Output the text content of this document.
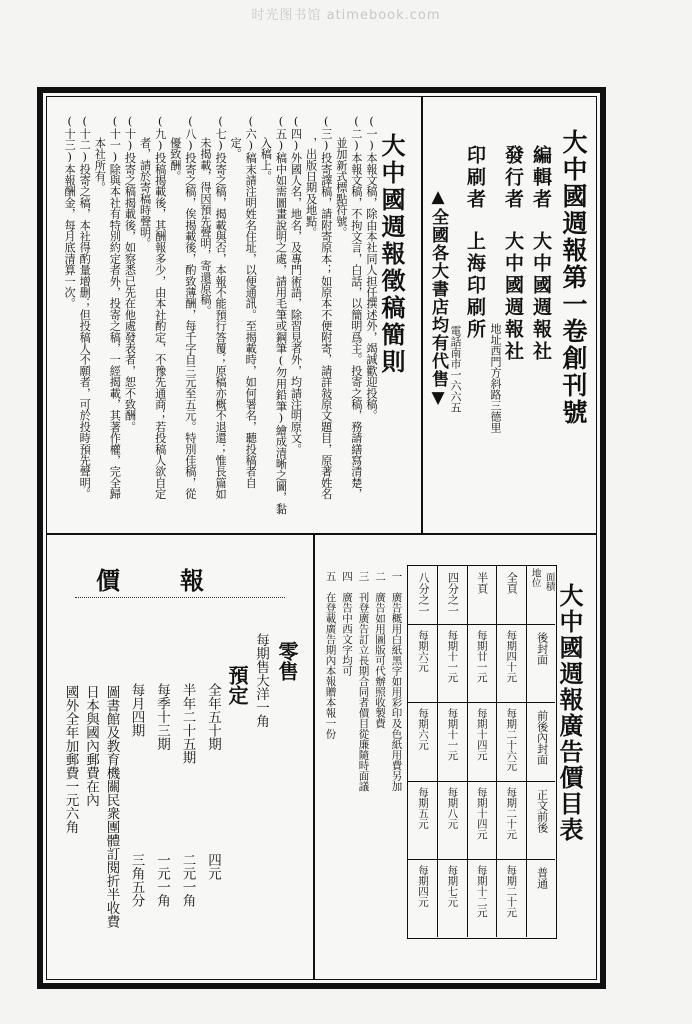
时光图书馆 atimebook.com
大中國週報第一卷創刊號
編輯者
大中國週報社
發行者
大中國週報社
地址西門方斜路三德里
印刷者
上海印刷所
電話南市一六六五
▲全國各大書店均有代售▼
大中國週報徵稿簡則
(一)本報文稿，除由本社同人担任撰述外，竭誠歡迎投稿。
(二)本報文稿，不拘文言，白話，以簡明爲主。投寄之稿，務請繕寫清楚，
並加新式標點符號。
(三)投寄譯稿，請附寄原本；如原本不便附寄，請詳敍原文題目，原著姓名
，出版日期及地點。
(四)外國人名，地名，及專門術語，除習見者外，均請注明原文。
(五)稿中如需圖畫說明之處，請用毛筆或鋼筆(勿用鉛筆)繪成清晰之圖，黏
入稿上。
(六)稿末請注明姓名住址，以便通訊。至揭載時，如何署名，聽投稿者自
定。
(七)投寄之稿，揭載與否，本報不能預行答覆；原稿亦概不退還；惟長篇如
未揭載，得因預先聲明，寄還原稿。
(八)投寄之稿，俟揭載後，酌致薄酬，每千字自三元至五元。特別佳稿，從
優致酬。
(九)投稿揭載後，其酬報多少，由本社酌定，不豫先通商；若投稿人欲自定
者，請於寄稿時聲明。
(十)投寄之稿揭載後，如察悉已先在他處發表者，恕不致酬。
(十一)除與本社有特別約定者外，投寄之稿，一經揭載，其著作權，完全歸
本社所有。
(十二)投寄之稿，本社得酌量增删；但投稿人不願者，可於投時預先聲明。
(十三)本報酬金，每月底清算一次。
大中國週報廣告價目表
地位 面積
後封面
前後內封面
正文前後
普通
全頁
每期四十元
每期二十六元
每期二十元
每期二十元
半頁
每期廿一元
每期十四元
每期十四元
每期十二元
四分之一
每期十一元
每期十一元
每期八元
每期七元
八分之一
每期六元
每期六元
每期五元
每期四元
一　廣告概用白紙黑字如用彩印及色紙用費另加
二　廣告如用圖版可代辦照收製費
三　刊登廣告訂立長期合同者價目從廉隨時面議
四　廣告中西文字均可
五　在登載廣告期內本報贈本報一份
價報
零售
每期售大洋一角
預定
全年五十期
四元
半年二十五期
二元一角
每季十三期
一元一角
每月四期
三角五分
圖書館及教育機關民衆團體訂閱折半收費
日本與國內郵費在內
國外全年加郵費一元六角
